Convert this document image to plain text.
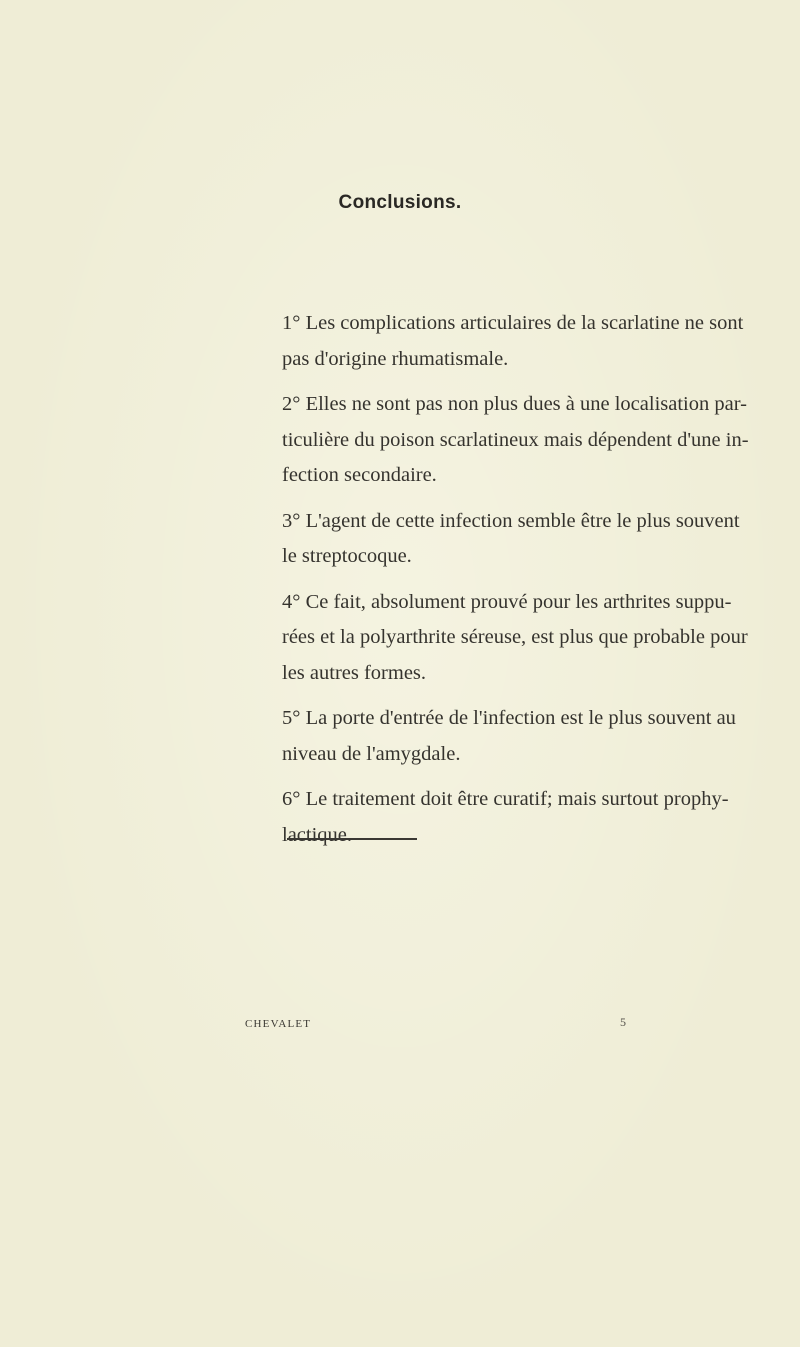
Conclusions.
1° Les complications articulaires de la scarlatine ne sont
pas d'origine rhumatismale.
2° Elles ne sont pas non plus dues à une localisation par-
ticulière du poison scarlatineux mais dépendent d'une in-
fection secondaire.
3° L'agent de cette infection semble être le plus souvent
le streptocoque.
4° Ce fait, absolument prouvé pour les arthrites suppu-
rées et la polyarthrite séreuse, est plus que probable pour
les autres formes.
5° La porte d'entrée de l'infection est le plus souvent au
niveau de l'amygdale.
6° Le traitement doit être curatif; mais surtout prophy-
lactique.
CHEVALET	5
